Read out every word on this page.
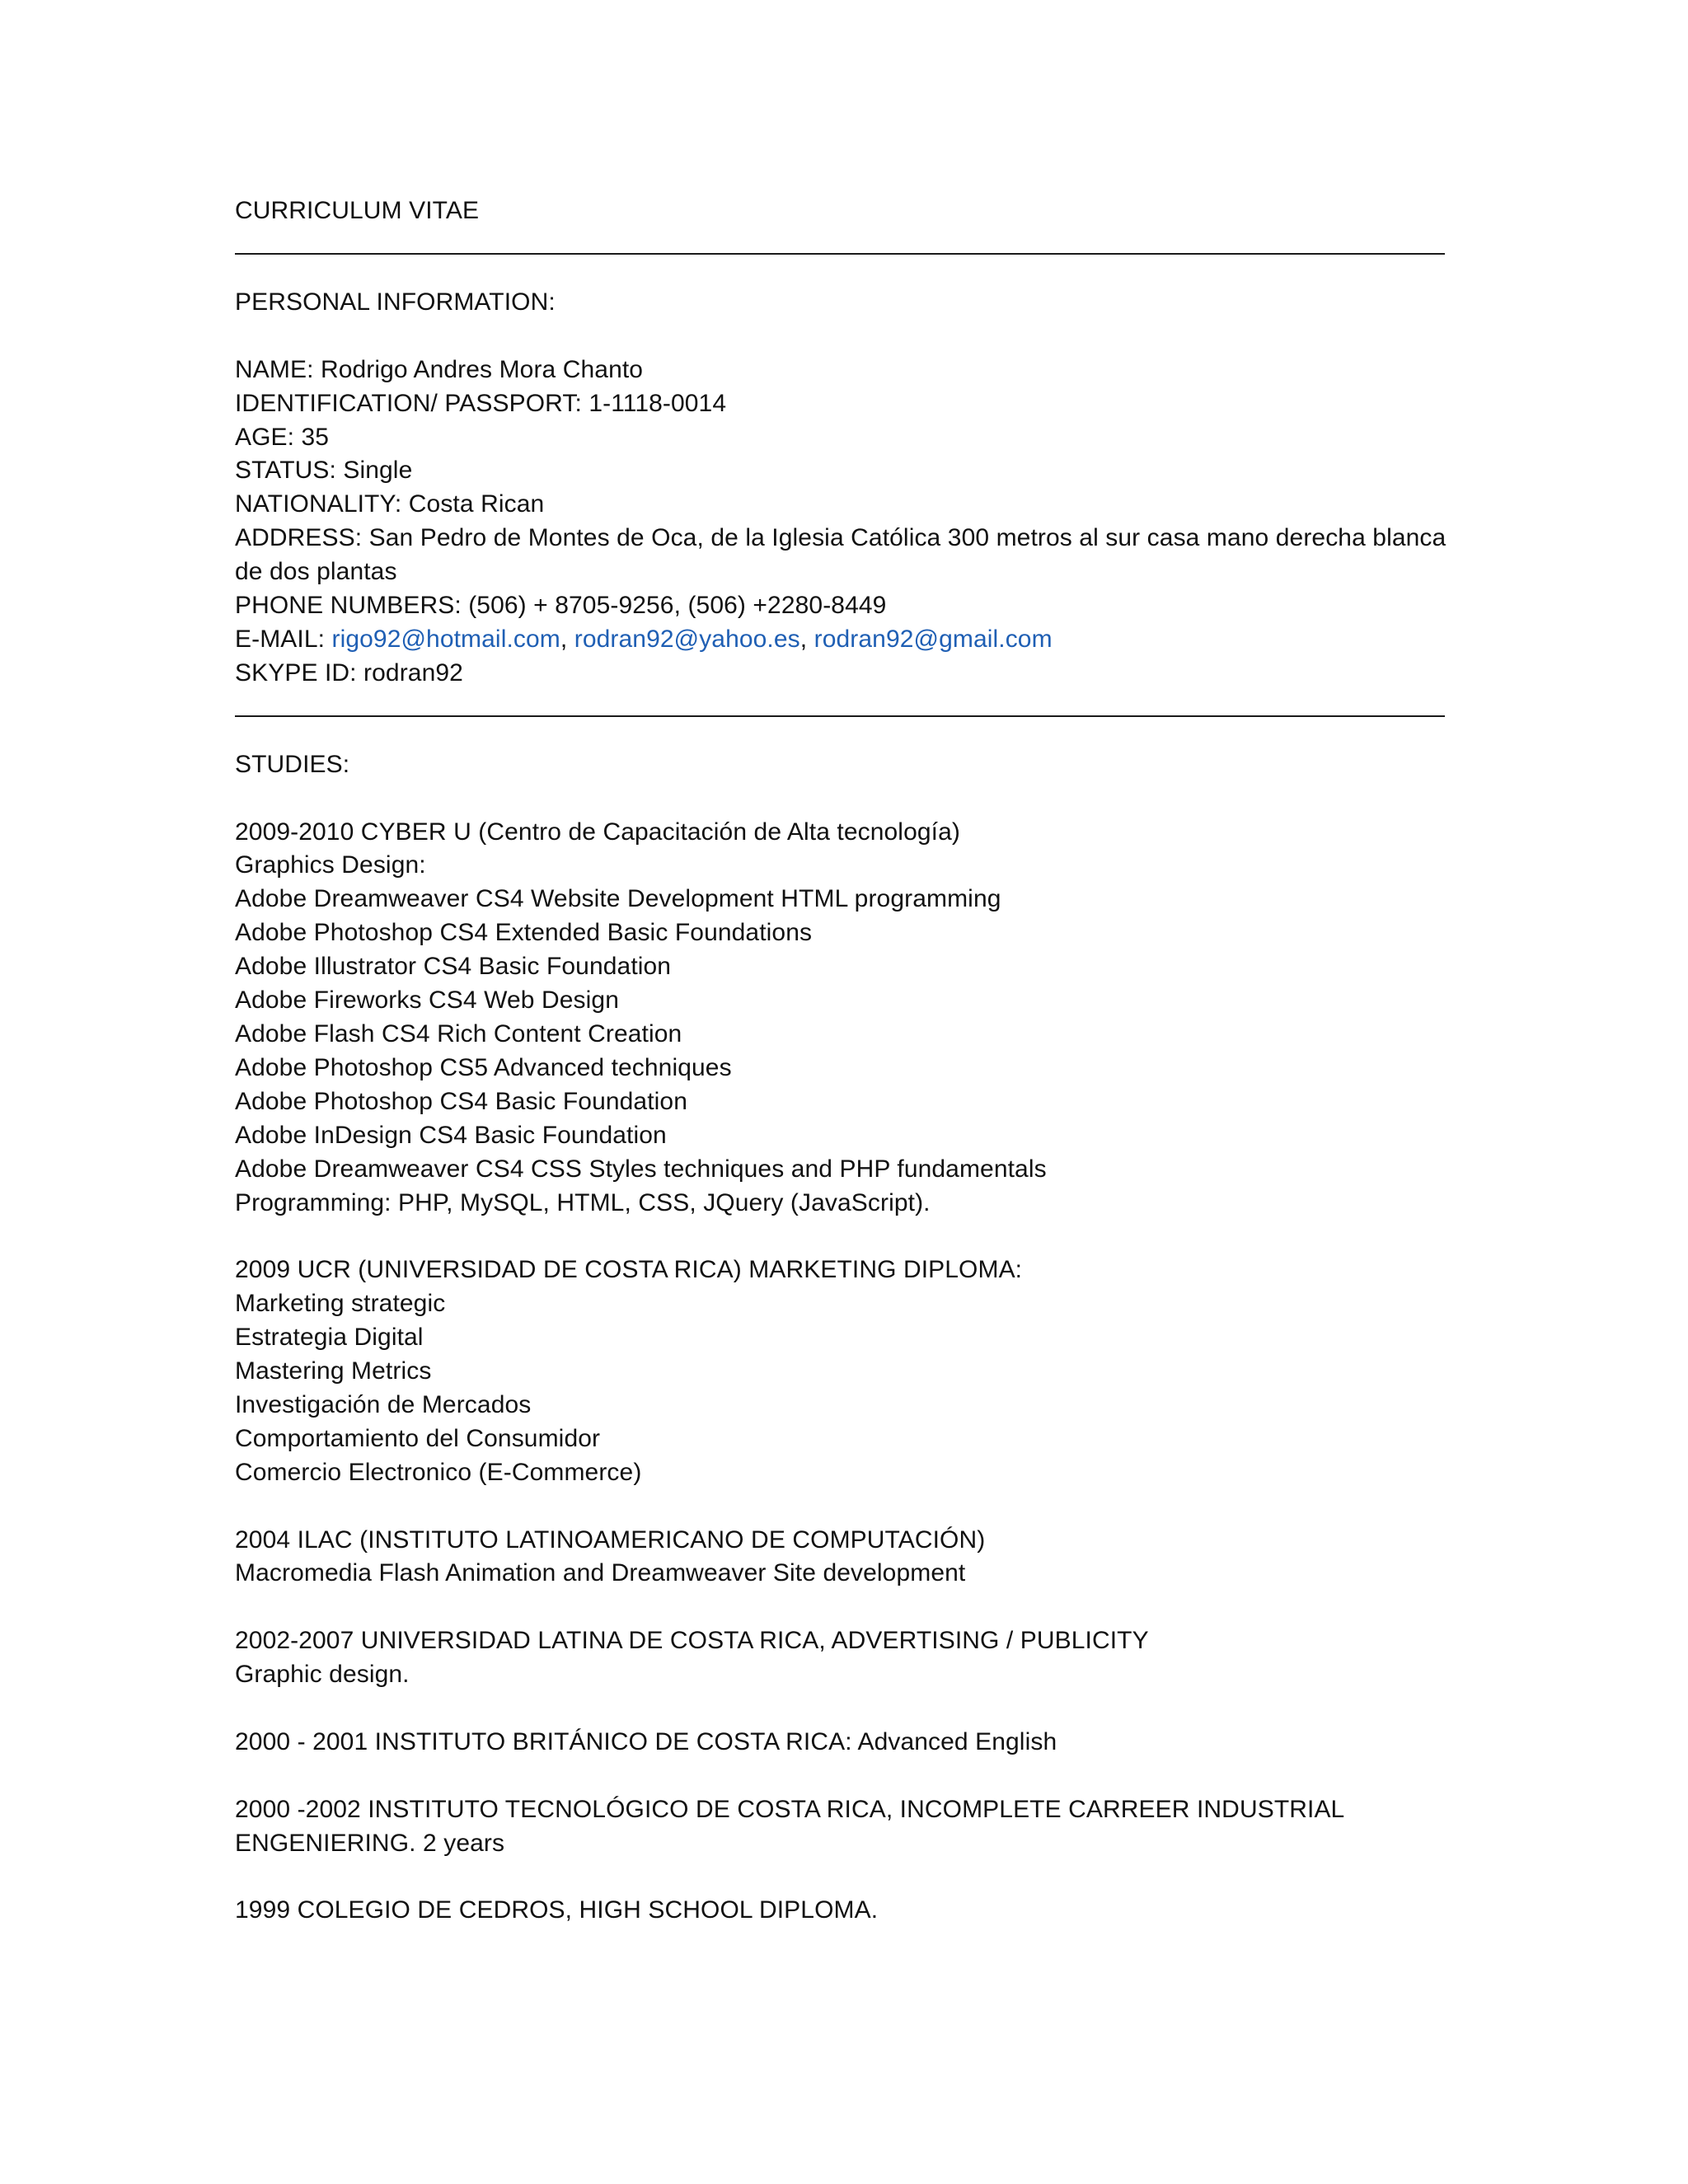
CURRICULUM VITAE
PERSONAL INFORMATION:
NAME: Rodrigo Andres Mora Chanto
IDENTIFICATION/ PASSPORT: 1-1118-0014
AGE: 35
STATUS: Single
NATIONALITY: Costa Rican
ADDRESS: San Pedro de Montes de Oca, de la Iglesia Católica 300 metros al sur casa mano derecha blanca de dos plantas
PHONE NUMBERS: (506) + 8705-9256, (506) +2280-8449
E-MAIL: rigo92@hotmail.com, rodran92@yahoo.es, rodran92@gmail.com
SKYPE ID: rodran92
STUDIES:
2009-2010 CYBER U (Centro de Capacitación de Alta tecnología)
Graphics Design:
Adobe Dreamweaver CS4 Website Development HTML programming
Adobe Photoshop CS4 Extended Basic Foundations
Adobe Illustrator CS4 Basic Foundation
Adobe Fireworks CS4 Web Design
Adobe Flash CS4 Rich Content Creation
Adobe Photoshop CS5 Advanced techniques
Adobe Photoshop CS4 Basic Foundation
Adobe InDesign CS4 Basic Foundation
Adobe Dreamweaver CS4 CSS Styles techniques and PHP fundamentals
Programming: PHP, MySQL, HTML, CSS, JQuery (JavaScript).
2009 UCR (UNIVERSIDAD DE COSTA RICA) MARKETING DIPLOMA:
Marketing strategic
Estrategia Digital
Mastering Metrics
Investigación de Mercados
Comportamiento del Consumidor
Comercio Electronico (E-Commerce)
2004 ILAC (INSTITUTO LATINOAMERICANO DE COMPUTACIÓN)
Macromedia Flash Animation and Dreamweaver Site development
2002-2007 UNIVERSIDAD LATINA DE COSTA RICA, ADVERTISING / PUBLICITY
Graphic design.
2000 - 2001 INSTITUTO BRITÁNICO DE COSTA RICA: Advanced English
2000 -2002 INSTITUTO TECNOLÓGICO DE COSTA RICA, INCOMPLETE CARREER INDUSTRIAL ENGENIERING. 2 years
1999 COLEGIO DE CEDROS, HIGH SCHOOL DIPLOMA.
